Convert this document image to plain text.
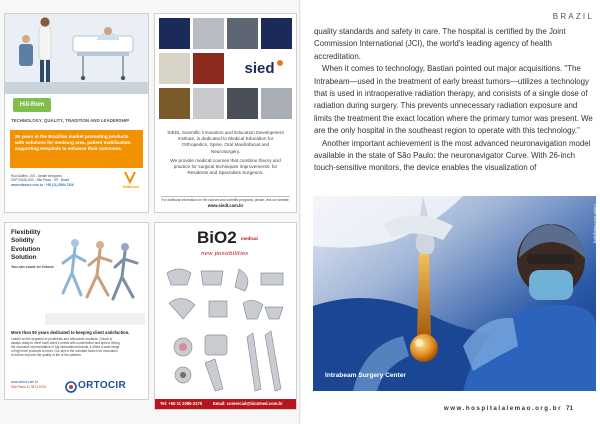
Hill-Rom
TECHNOLOGY, QUALITY, TRADITION AND LEADERSHIP
25 years in the Brazilian market promoting products with solutions for medsurg area, patient mobilization, supporting Hospitals to enhance their outcomes.
Rua Galileu, 103 - Jardim Aeroporto
CEP 04632-090 - São Paulo - SP - Brazil
www.vitacore.com.br - +55 (11) 5564-7426	VitaCore
sied
SIEDL Scientific Innovation and Education Development Institute, is dedicated to Medical Education for Orthopedics, Spine, Oral Maxillofacial and Neurosurgery.
We provide medical courses that combine theory and practice for surgical techniques improvements, for Residents and Specialists Surgeons.
For additional information on the courses and scientific programs, please, visit our website:
www.siedl.com.br
Flexibility
Solidity
Evolution
Solution
You can count on Ortocir
More than 50 years dedicated to keeping client satisfaction.
Leader on the segment of prosthesis and orthopedic implants, Ortocir is always ready to meet each client's needs with commitment and speed. Being the exclusive representative of big international brands, it offers a wide range of high level products to meet. Our aim is the constant search for innovation to further improve the quality of life of the patients.
www.ortocir.com.br
São Paulo 11 3873-6700	ORTOCIR
BiO2 medical
new possibilities
Tel: +55 11 2085-2270	Email: comercial@bio2med.com.br
BRAZIL

quality standards and safety in care. The hospital is certified by the Joint Commission International (JCI), the world's leading agency of health accreditation.

When it comes to technology, Bastian pointed out major acquisitions. "The Intrabeam—used in the treatment of early breast tumors—utilizes a technology that is used in intraoperative radiation therapy, and consists of a single dose of radiation during surgery. This prevents unnecessary radiation exposure and limits the treatment the exact location where the primary tumor was present. We are the only hospital in the southeast region to operate with this technology."

Another important achievement is the most advanced neuronavigation model available in the state of São Paulo: the neuronavigator Curve. With 26-inch touch-sensitive monitors, the device enables the visualization of

Intrabeam Surgery Center
Credit: Gilo Photography
www.hospitalalemao.org.br 71
